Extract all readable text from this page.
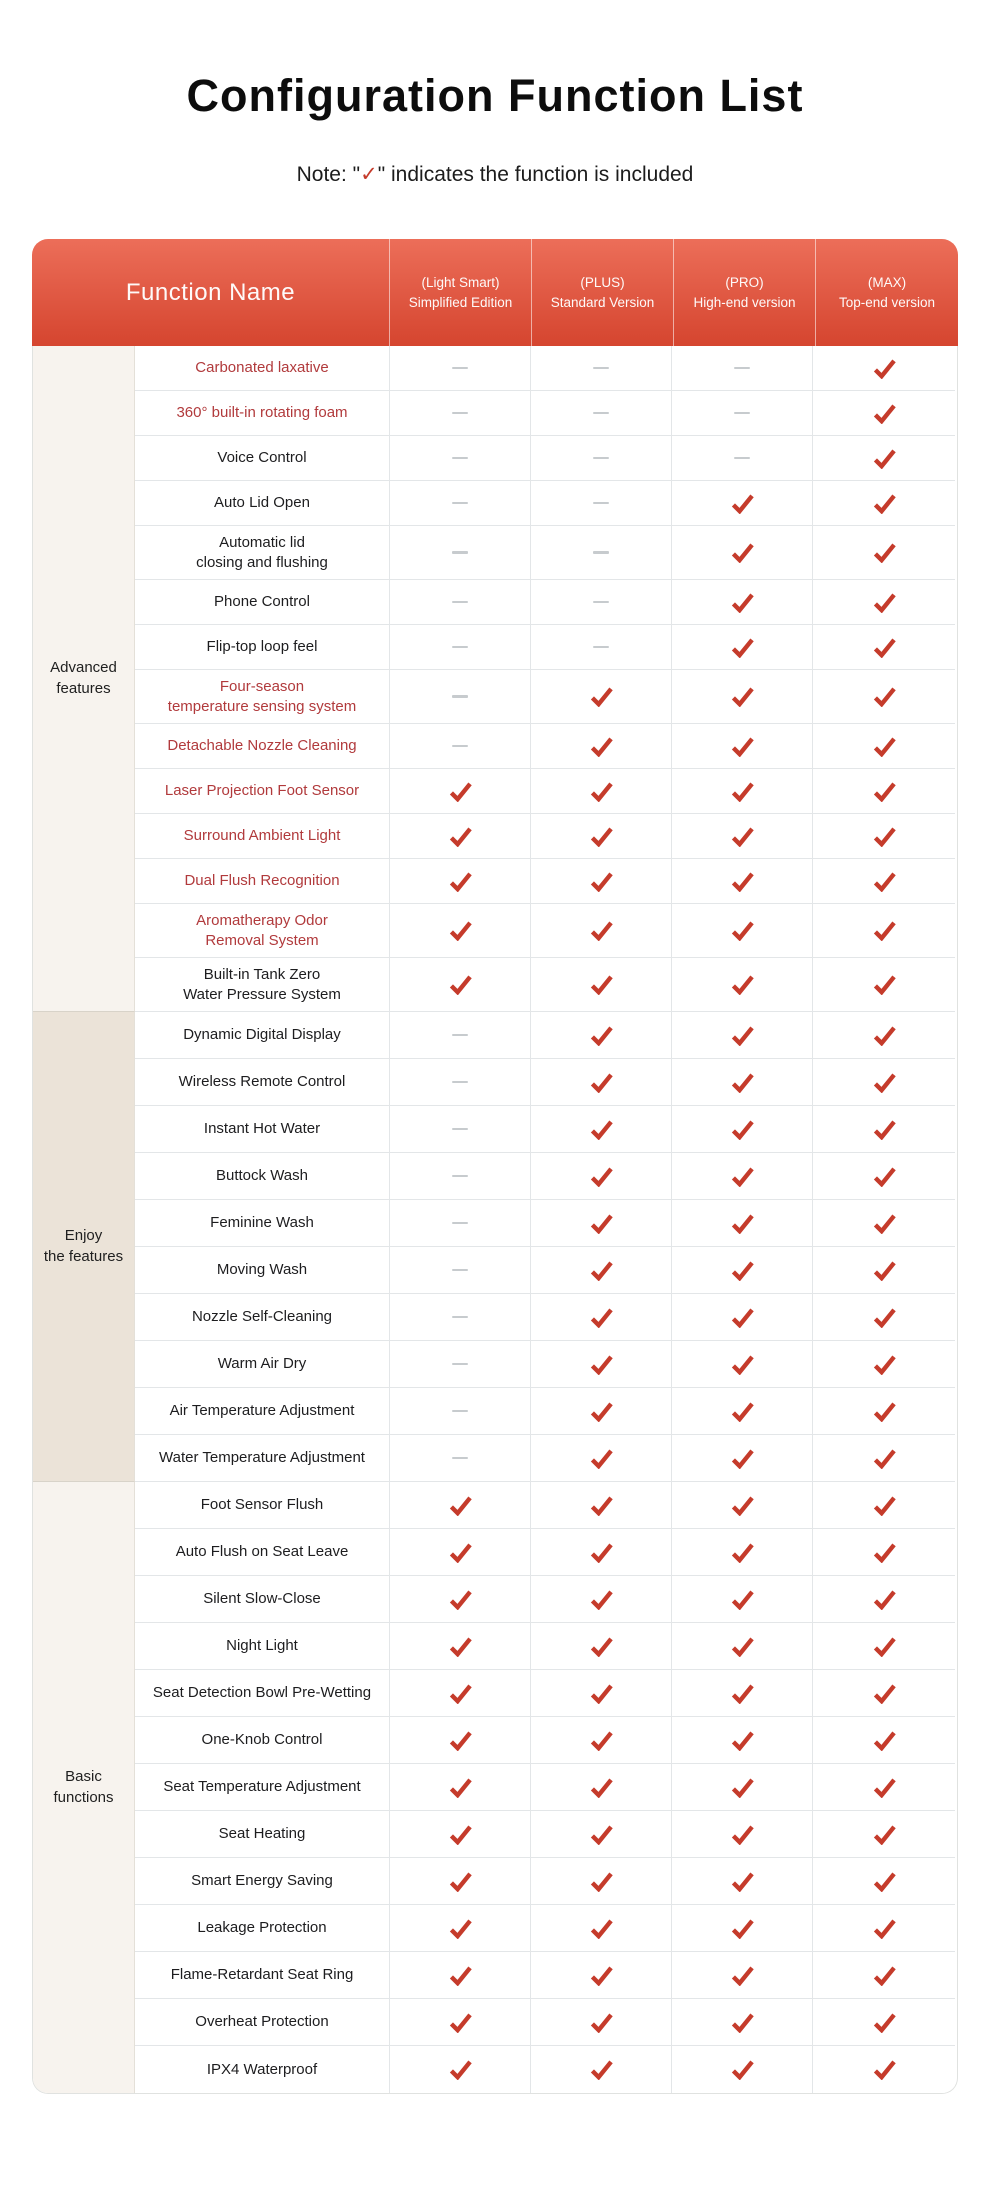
Configuration Function List

Note: "✓" indicates the function is included

Function Name	(Light Smart)
Simplified Edition
(PLUS)
Standard Version
(PRO)
High-end version
(MAX)
Top-end version
Advanced
features
Carbonated laxative
360° built-in rotating foam
Voice Control
Auto Lid Open
Automatic lid
closing and flushing
Phone Control
Flip-top loop feel
Four-season
temperature sensing system
Detachable Nozzle Cleaning
Laser Projection Foot Sensor
Surround Ambient Light
Dual Flush Recognition
Aromatherapy Odor
Removal System
Built-in Tank Zero
Water Pressure System
Enjoy
the features
Dynamic Digital Display
Wireless Remote Control
Instant Hot Water
Buttock Wash
Feminine Wash
Moving Wash
Nozzle Self-Cleaning
Warm Air Dry
Air Temperature Adjustment
Water Temperature Adjustment
Basic
functions
Foot Sensor Flush
Auto Flush on Seat Leave
Silent Slow-Close
Night Light
Seat Detection Bowl Pre-Wetting
One-Knob Control
Seat Temperature Adjustment
Seat Heating
Smart Energy Saving
Leakage Protection
Flame-Retardant Seat Ring
Overheat Protection
IPX4 Waterproof
